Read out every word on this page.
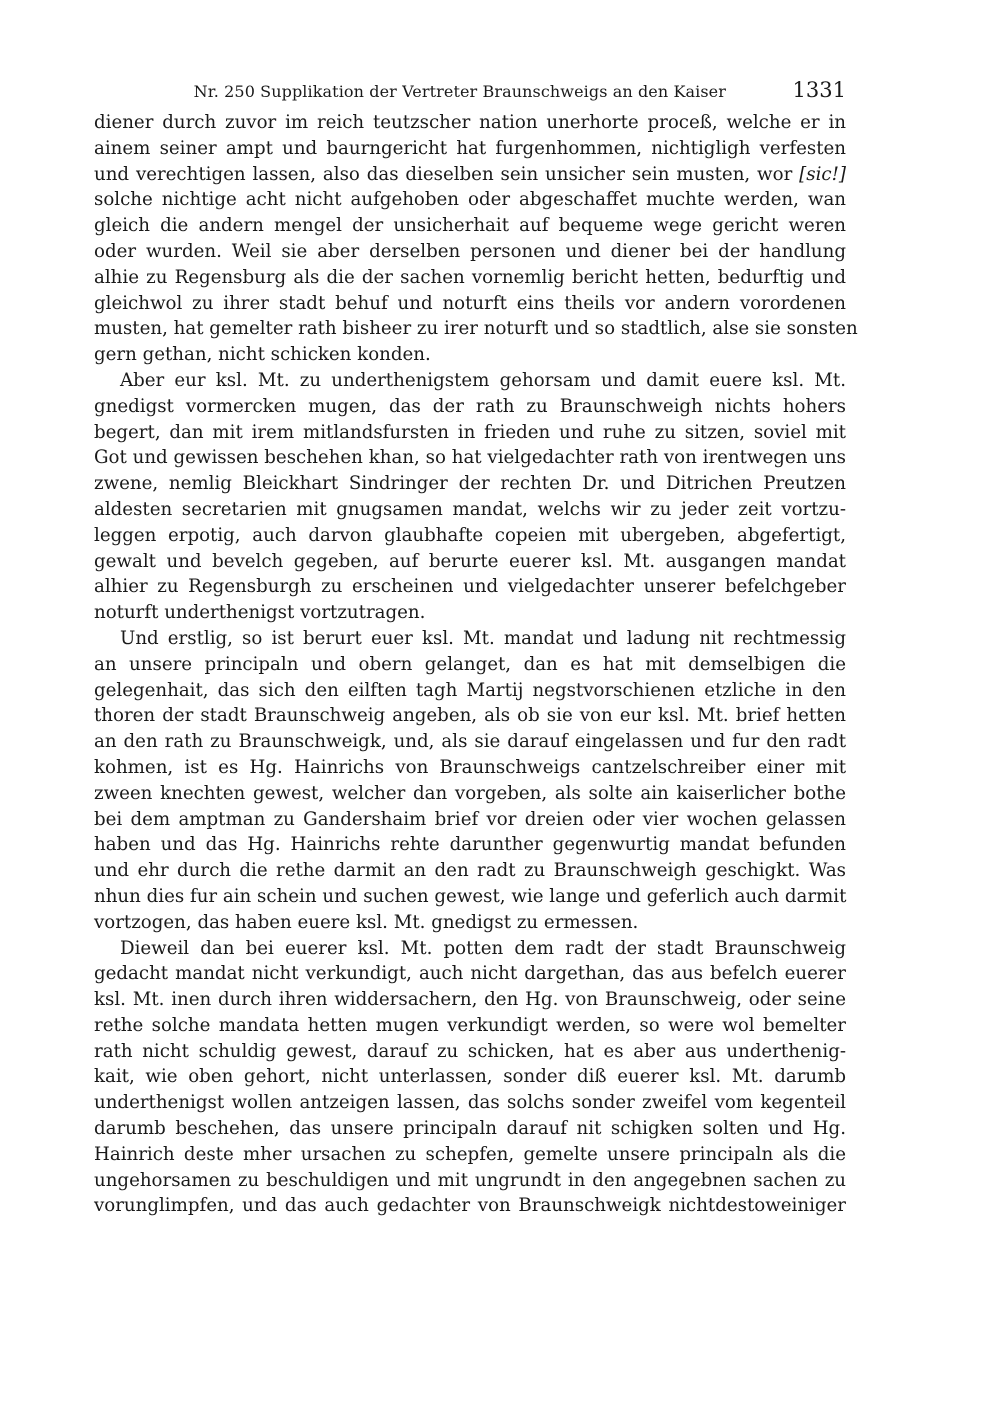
Nr. 250 Supplikation der Vertreter Braunschweigs an den Kaiser	1331
diener durch zuvor im reich teutzscher nation unerhorte proceß, welche er in
ainem seiner ampt und baurngericht hat furgenhommen, nichtigligh verfesten
und verechtigen lassen, also das dieselben sein unsicher sein musten, wor [sic!]
solche nichtige acht nicht aufgehoben oder abgeschaffet muchte werden, wan
gleich die andern mengel der unsicherhait auf bequeme wege gericht weren
oder wurden. Weil sie aber derselben personen und diener bei der handlung
alhie zu Regensburg als die der sachen vornemlig bericht hetten, bedurftig und
gleichwol zu ihrer stadt behuf und noturft eins theils vor andern vorordenen
musten, hat gemelter rath bisheer zu irer noturft und so stadtlich, alse sie sonsten
gern gethan, nicht schicken konden.
Aber eur ksl. Mt. zu underthenigstem gehorsam und damit euere ksl. Mt.
gnedigst vormercken mugen, das der rath zu Braunschweigh nichts hohers
begert, dan mit irem mitlandsfursten in frieden und ruhe zu sitzen, soviel mit
Got und gewissen beschehen khan, so hat vielgedachter rath von irentwegen uns
zwene, nemlig Bleickhart Sindringer der rechten Dr. und Ditrichen Preutzen
aldesten secretarien mit gnugsamen mandat, welchs wir zu jeder zeit vortzu-
leggen erpotig, auch darvon glaubhafte copeien mit ubergeben, abgefertigt,
gewalt und bevelch gegeben, auf berurte euerer ksl. Mt. ausgangen mandat
alhier zu Regensburgh zu erscheinen und vielgedachter unserer befelchgeber
noturft underthenigst vortzutragen.
Und erstlig, so ist berurt euer ksl. Mt. mandat und ladung nit rechtmessig
an unsere principaln und obern gelanget, dan es hat mit demselbigen die
gelegenhait, das sich den eilften tagh Martij negstvorschienen etzliche in den
thoren der stadt Braunschweig angeben, als ob sie von eur ksl. Mt. brief hetten
an den rath zu Braunschweigk, und, als sie darauf eingelassen und fur den radt
kohmen, ist es Hg. Hainrichs von Braunschweigs cantzelschreiber einer mit
zween knechten gewest, welcher dan vorgeben, als solte ain kaiserlicher bothe
bei dem amptman zu Gandershaim brief vor dreien oder vier wochen gelassen
haben und das Hg. Hainrichs rehte darunther gegenwurtig mandat befunden
und ehr durch die rethe darmit an den radt zu Braunschweigh geschigkt. Was
nhun dies fur ain schein und suchen gewest, wie lange und geferlich auch darmit
vortzogen, das haben euere ksl. Mt. gnedigst zu ermessen.
Dieweil dan bei euerer ksl. Mt. potten dem radt der stadt Braunschweig
gedacht mandat nicht verkundigt, auch nicht dargethan, das aus befelch euerer
ksl. Mt. inen durch ihren widdersachern, den Hg. von Braunschweig, oder seine
rethe solche mandata hetten mugen verkundigt werden, so were wol bemelter
rath nicht schuldig gewest, darauf zu schicken, hat es aber aus underthenig-
kait, wie oben gehort, nicht unterlassen, sonder diß euerer ksl. Mt. darumb
underthenigst wollen antzeigen lassen, das solchs sonder zweifel vom kegenteil
darumb beschehen, das unsere principaln darauf nit schigken solten und Hg.
Hainrich deste mher ursachen zu schepfen, gemelte unsere principaln als die
ungehorsamen zu beschuldigen und mit ungrundt in den angegebnen sachen zu
vorunglimpfen, und das auch gedachter von Braunschweigk nichtdestoweiniger
